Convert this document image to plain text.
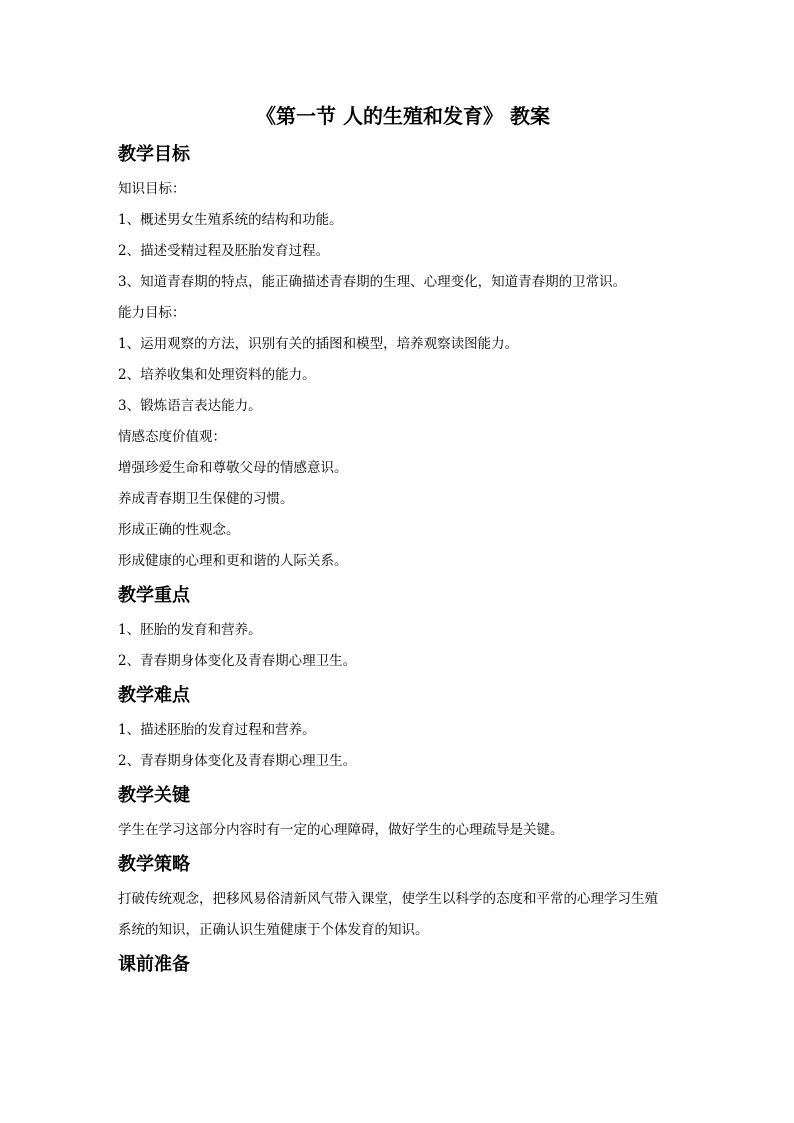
《第一节 人的生殖和发育》 教案
教学目标

知识目标：

1、概述男女生殖系统的结构和功能。

2、描述受精过程及胚胎发育过程。

3、知道青春期的特点，能正确描述青春期的生理、心理变化，知道青春期的卫常识。

能力目标：

1、运用观察的方法，识别有关的插图和模型，培养观察读图能力。

2、培养收集和处理资料的能力。

3、锻炼语言表达能力。

情感态度价值观：

增强珍爱生命和尊敬父母的情感意识。

养成青春期卫生保健的习惯。

形成正确的性观念。

形成健康的心理和更和谐的人际关系。

教学重点

1、胚胎的发育和营养。

2、青春期身体变化及青春期心理卫生。

教学难点

1、描述胚胎的发育过程和营养。

2、青春期身体变化及青春期心理卫生。

教学关键

学生在学习这部分内容时有一定的心理障碍，做好学生的心理疏导是关键。

教学策略

打破传统观念，把移风易俗清新风气带入课堂，使学生以科学的态度和平常的心理学习生殖

系统的知识，正确认识生殖健康于个体发育的知识。

课前准备
